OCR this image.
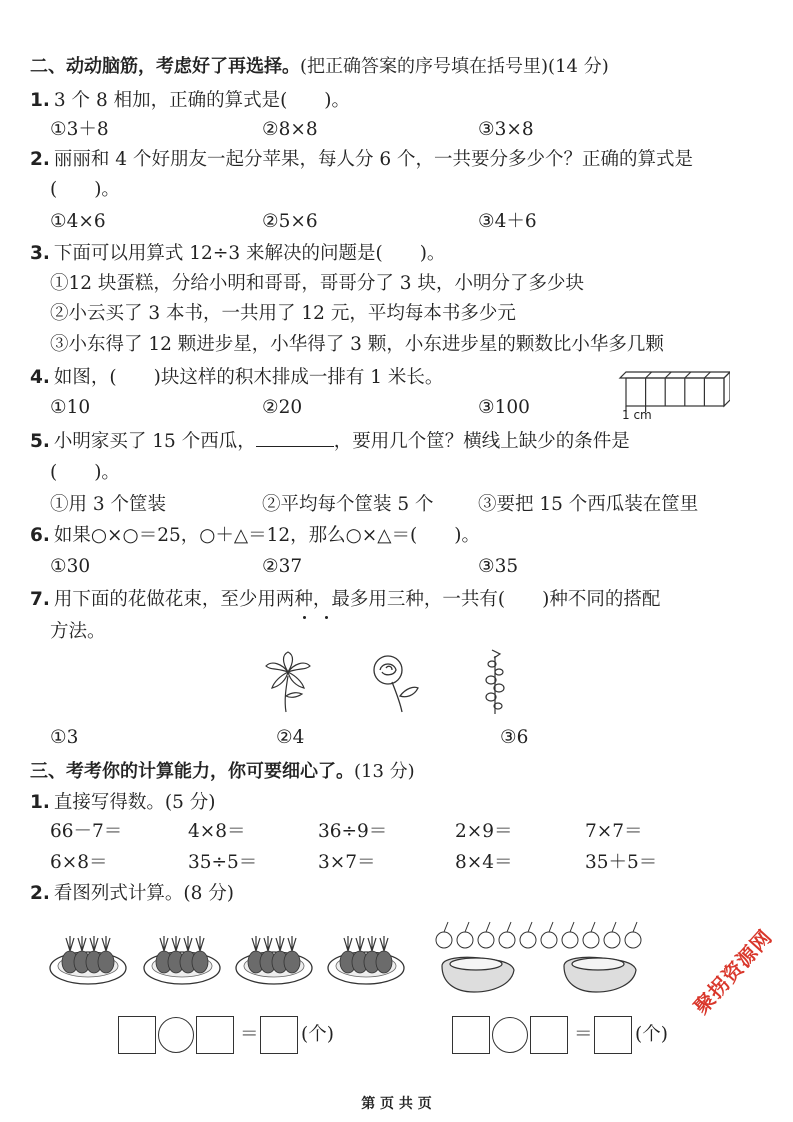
二、动动脑筋，考虑好了再选择。(把正确答案的序号填在括号里)(14 分)
1. 3 个 8 相加，正确的算式是(　　)。
①3＋8	②8×8	③3×8
2. 丽丽和 4 个好朋友一起分苹果，每人分 6 个，一共要分多少个？正确的算式是
(　　)。
①4×6	②5×6	③4＋6
3. 下面可以用算式 12÷3 来解决的问题是(　　)。
①12 块蛋糕，分给小明和哥哥，哥哥分了 3 块，小明分了多少块
②小云买了 3 本书，一共用了 12 元，平均每本书多少元
③小东得了 12 颗进步星，小华得了 3 颗，小东进步星的颗数比小华多几颗
4. 如图，(　　)块这样的积木排成一排有 1 米长。
①10	②20	③100	1 cm
5. 小明家买了 15 个西瓜，	，要用几个筐？横线上缺少的条件是
(　　)。
①用 3 个筐装	②平均每个筐装 5 个 ③要把 15 个西瓜装在筐里
6. 如果○×○＝25，○＋△＝12，那么○×△＝(　　)。
①30	②37	③35
7. 用下面的花做花束，至少用两种，最多用三种，一共有(　　)种不同的搭配
方法。
①3	②4	③6
三、考考你的计算能力，你可要细心了。(13 分)
1. 直接写得数。(5 分)
66－7＝	4×8＝	36÷9＝	2×9＝	7×7＝
6×8＝	35÷5＝	3×7＝	8×4＝	35＋5＝
2. 看图列式计算。(8 分)
＝ (个)	＝ (个)
聚拐资源网
第 页 共 页
